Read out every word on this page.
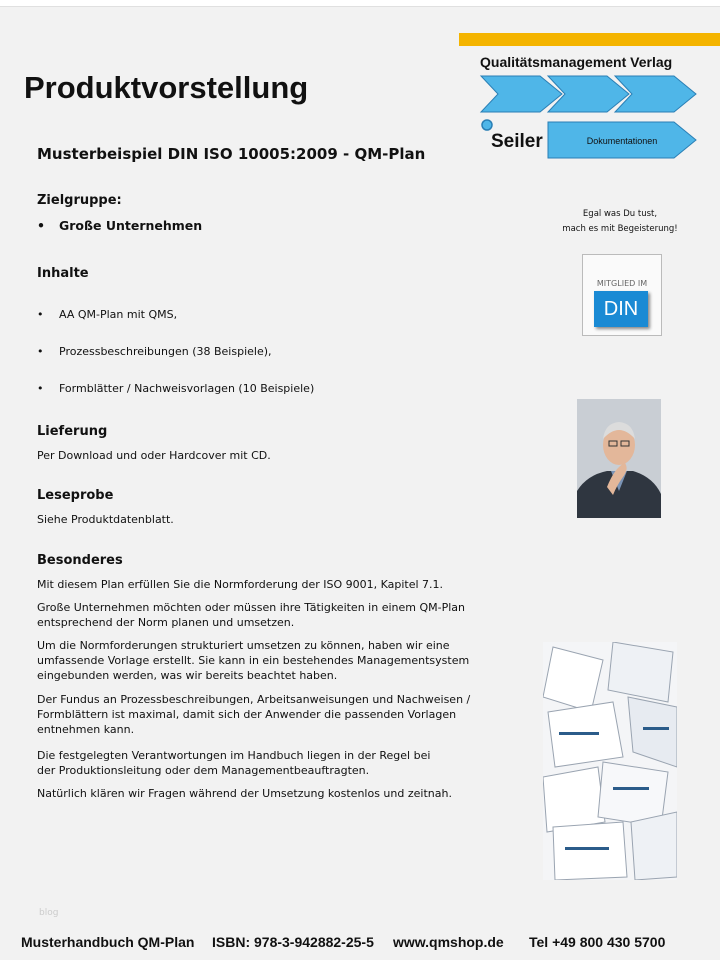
Produktvorstellung
Qualitätsmanagement Verlag
Dokumentationen
Seiler
Musterbeispiel DIN ISO 10005:2009 - QM-Plan
Zielgruppe:
• Große Unternehmen
Inhalte
• AA QM-Plan mit QMS,
• Prozessbeschreibungen (38 Beispiele),
• Formblätter / Nachweisvorlagen (10 Beispiele)
Lieferung
Per Download und oder Hardcover mit CD.
Leseprobe
Siehe Produktdatenblatt.
Besonderes
Mit diesem Plan erfüllen Sie die Normforderung der ISO 9001, Kapitel 7.1.
Große Unternehmen möchten oder müssen ihre Tätigkeiten in einem QM-Plan entsprechend der Norm planen und umsetzen.
Um die Normforderungen strukturiert umsetzen zu können, haben wir eine umfassende Vorlage erstellt. Sie kann in ein bestehendes Managementsystem eingebunden werden, was wir bereits beachtet haben.
Der Fundus an Prozessbeschreibungen, Arbeitsanweisungen und Nachweisen / Formblättern ist maximal, damit sich der Anwender die passenden Vorlagen entnehmen kann.
Die festgelegten Verantwortungen im Handbuch liegen in der Regel bei der Produktionsleitung oder dem Managementbeauftragten.
Natürlich klären wir Fragen während der Umsetzung kostenlos und zeitnah.
Egal was Du tust,
mach es mit Begeisterung!
MITGLIED IM
DIN
blog
Musterhandbuch QM-Plan ISBN: 978-3-942882-25-5 www.qmshop.de Tel +49 800 430 5700
